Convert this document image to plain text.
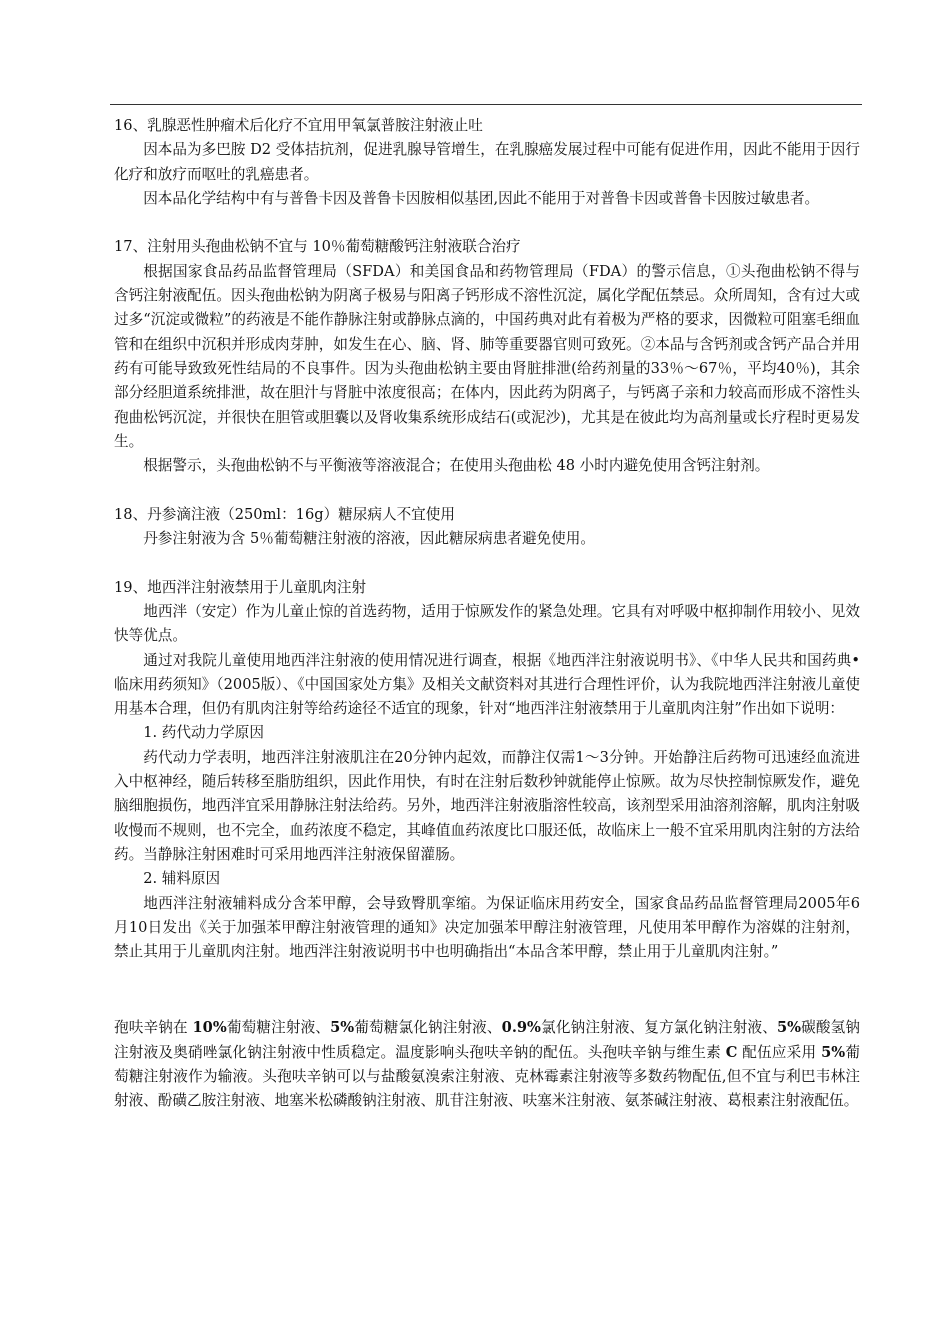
16、乳腺恶性肿瘤术后化疗不宜用甲氧氯普胺注射液止吐

因本品为多巴胺 D2 受体拮抗剂，促进乳腺导管增生，在乳腺癌发展过程中可能有促进作用，因此不能用于因行化疗和放疗而呕吐的乳癌患者。

因本品化学结构中有与普鲁卡因及普鲁卡因胺相似基团,因此不能用于对普鲁卡因或普鲁卡因胺过敏患者。

17、注射用头孢曲松钠不宜与 10％葡萄糖酸钙注射液联合治疗

根据国家食品药品监督管理局（SFDA）和美国食品和药物管理局（FDA）的警示信息，①头孢曲松钠不得与含钙注射液配伍。因头孢曲松钠为阴离子极易与阳离子钙形成不溶性沉淀，属化学配伍禁忌。众所周知，含有过大或过多“沉淀或微粒”的药液是不能作静脉注射或静脉点滴的，中国药典对此有着极为严格的要求，因微粒可阻塞毛细血管和在组织中沉积并形成肉芽肿，如发生在心、脑、肾、肺等重要器官则可致死。②本品与含钙剂或含钙产品合并用药有可能导致致死性结局的不良事件。因为头孢曲松钠主要由肾脏排泄(给药剂量的33％～67％，平均40％)，其余部分经胆道系统排泄，故在胆汁与肾脏中浓度很高；在体内，因此药为阴离子，与钙离子亲和力较高而形成不溶性头孢曲松钙沉淀，并很快在胆管或胆囊以及肾收集系统形成结石(或泥沙)，尤其是在彼此均为高剂量或长疗程时更易发生。

根据警示，头孢曲松钠不与平衡液等溶液混合；在使用头孢曲松 48 小时内避免使用含钙注射剂。

18、丹参滴注液（250ml：16g）糖尿病人不宜使用

丹参注射液为含 5％葡萄糖注射液的溶液，因此糖尿病患者避免使用。

19、地西泮注射液禁用于儿童肌肉注射

地西泮（安定）作为儿童止惊的首选药物，适用于惊厥发作的紧急处理。它具有对呼吸中枢抑制作用较小、见效快等优点。

通过对我院儿童使用地西泮注射液的使用情况进行调查，根据《地西泮注射液说明书》、《中华人民共和国药典•临床用药须知》（2005版）、《中国国家处方集》及相关文献资料对其进行合理性评价，认为我院地西泮注射液儿童使用基本合理，但仍有肌肉注射等给药途径不适宜的现象，针对“地西泮注射液禁用于儿童肌肉注射”作出如下说明：

1. 药代动力学原因

药代动力学表明，地西泮注射液肌注在20分钟内起效，而静注仅需1～3分钟。开始静注后药物可迅速经血流进入中枢神经，随后转移至脂肪组织，因此作用快，有时在注射后数秒钟就能停止惊厥。故为尽快控制惊厥发作，避免脑细胞损伤，地西泮宜采用静脉注射法给药。另外，地西泮注射液脂溶性较高，该剂型采用油溶剂溶解，肌肉注射吸收慢而不规则，也不完全，血药浓度不稳定，其峰值血药浓度比口服还低，故临床上一般不宜采用肌肉注射的方法给药。当静脉注射困难时可采用地西泮注射液保留灌肠。

2. 辅料原因

地西泮注射液辅料成分含苯甲醇，会导致臀肌挛缩。为保证临床用药安全，国家食品药品监督管理局2005年6月10日发出《关于加强苯甲醇注射液管理的通知》决定加强苯甲醇注射液管理，凡使用苯甲醇作为溶媒的注射剂，禁止其用于儿童肌肉注射。地西泮注射液说明书中也明确指出“本品含苯甲醇，禁止用于儿童肌肉注射。”

孢呋辛钠在 10%葡萄糖注射液、5%葡萄糖氯化钠注射液、0.9%氯化钠注射液、复方氯化钠注射液、5%碳酸氢钠注射液及奥硝唑氯化钠注射液中性质稳定。温度影响头孢呋辛钠的配伍。头孢呋辛钠与维生素 C 配伍应采用 5%葡萄糖注射液作为输液。头孢呋辛钠可以与盐酸氨溴索注射液、克林霉素注射液等多数药物配伍,但不宜与利巴韦林注射液、酚磺乙胺注射液、地塞米松磷酸钠注射液、肌苷注射液、呋塞米注射液、氨茶碱注射液、葛根素注射液配伍。
